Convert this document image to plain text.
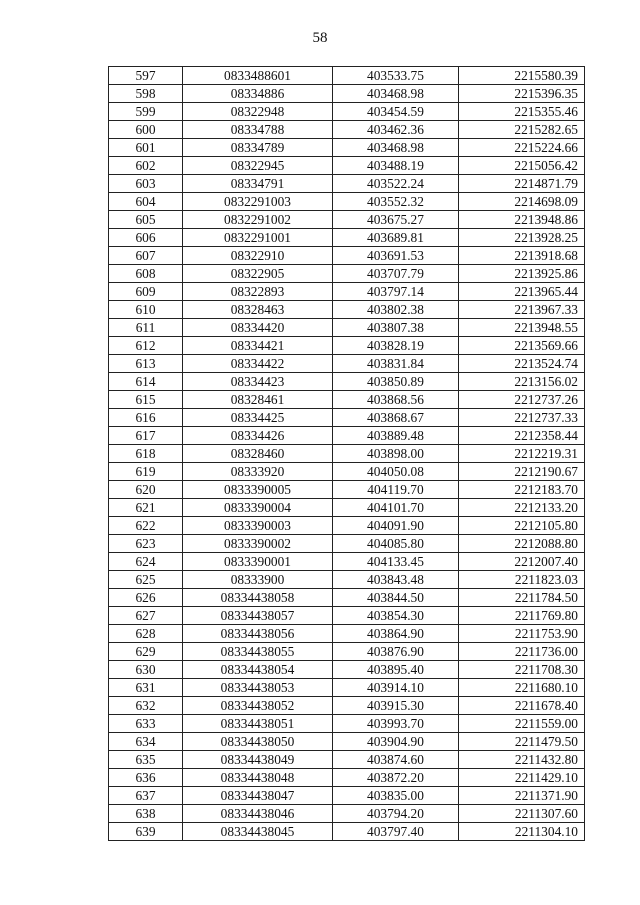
58
597	0833488601	403533.75	2215580.39
598	08334886	403468.98	2215396.35
599	08322948	403454.59	2215355.46
600	08334788	403462.36	2215282.65
601	08334789	403468.98	2215224.66
602	08322945	403488.19	2215056.42
603	08334791	403522.24	2214871.79
604	0832291003	403552.32	2214698.09
605	0832291002	403675.27	2213948.86
606	0832291001	403689.81	2213928.25
607	08322910	403691.53	2213918.68
608	08322905	403707.79	2213925.86
609	08322893	403797.14	2213965.44
610	08328463	403802.38	2213967.33
611	08334420	403807.38	2213948.55
612	08334421	403828.19	2213569.66
613	08334422	403831.84	2213524.74
614	08334423	403850.89	2213156.02
615	08328461	403868.56	2212737.26
616	08334425	403868.67	2212737.33
617	08334426	403889.48	2212358.44
618	08328460	403898.00	2212219.31
619	08333920	404050.08	2212190.67
620	0833390005	404119.70	2212183.70
621	0833390004	404101.70	2212133.20
622	0833390003	404091.90	2212105.80
623	0833390002	404085.80	2212088.80
624	0833390001	404133.45	2212007.40
625	08333900	403843.48	2211823.03
626	08334438058	403844.50	2211784.50
627	08334438057	403854.30	2211769.80
628	08334438056	403864.90	2211753.90
629	08334438055	403876.90	2211736.00
630	08334438054	403895.40	2211708.30
631	08334438053	403914.10	2211680.10
632	08334438052	403915.30	2211678.40
633	08334438051	403993.70	2211559.00
634	08334438050	403904.90	2211479.50
635	08334438049	403874.60	2211432.80
636	08334438048	403872.20	2211429.10
637	08334438047	403835.00	2211371.90
638	08334438046	403794.20	2211307.60
639	08334438045	403797.40	2211304.10
